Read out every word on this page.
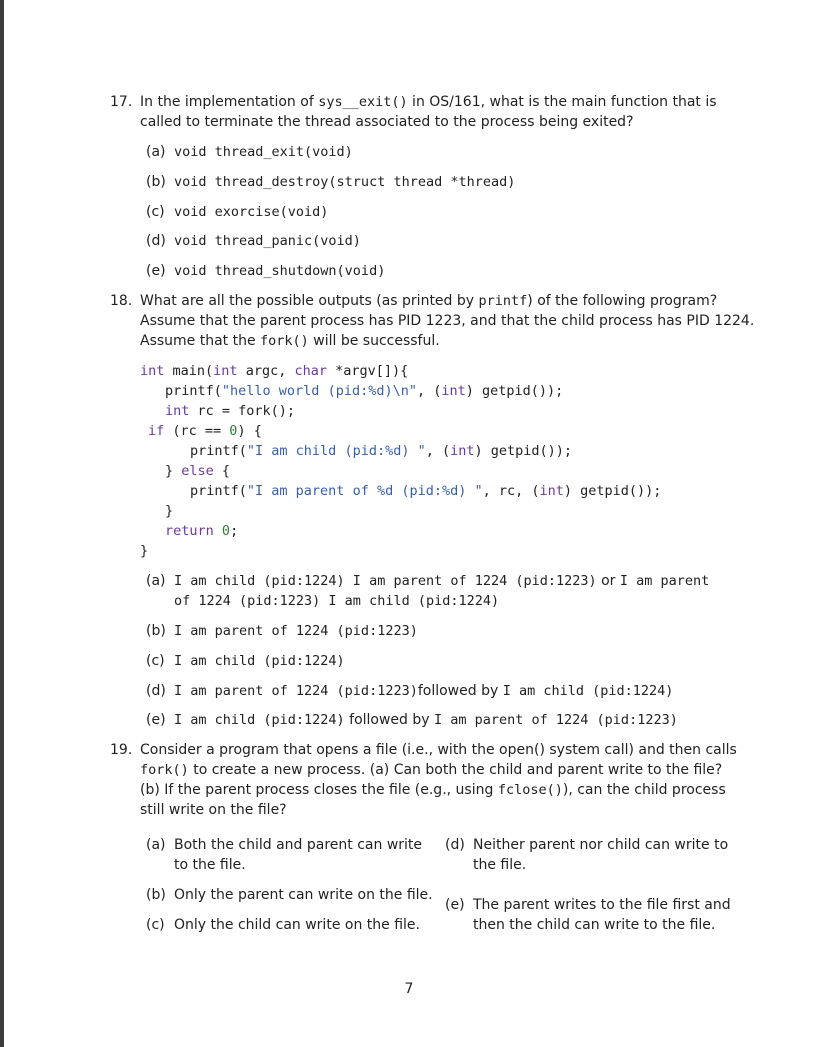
17. In the implementation of sys__exit() in OS/161, what is the main function that is called to terminate the thread associated to the process being exited?
(a) void thread_exit(void)
(b) void thread_destroy(struct thread *thread)
(c) void exorcise(void)
(d) void thread_panic(void)
(e) void thread_shutdown(void)
18. What are all the possible outputs (as printed by printf) of the following program?
Assume that the parent process has PID 1223, and that the child process has PID 1224.
Assume that the fork() will be successful.
int main(int argc, char *argv[]){
printf("hello world (pid:%d)\n", (int) getpid());
int rc = fork();
if (rc == 0) {
printf("I am child (pid:%d) ", (int) getpid());
} else {
printf("I am parent of %d (pid:%d) ", rc, (int) getpid());
}
return 0;
}
(a) I am child (pid:1224) I am parent of 1224 (pid:1223) or I am parent
of 1224 (pid:1223) I am child (pid:1224)
(b) I am parent of 1224 (pid:1223)
(c) I am child (pid:1224)
(d) I am parent of 1224 (pid:1223)followed by I am child (pid:1224)
(e) I am child (pid:1224) followed by I am parent of 1224 (pid:1223)
19. Consider a program that opens a file (i.e., with the open() system call) and then calls
fork() to create a new process. (a) Can both the child and parent write to the file?
(b) If the parent process closes the file (e.g., using fclose()), can the child process
still write on the file?
(a) Both the child and parent can write
to the file.
(b) Only the parent can write on the file.
(c) Only the child can write on the file.
(d) Neither parent nor child can write to
the file.
(e) The parent writes to the file first and
then the child can write to the file.
7
